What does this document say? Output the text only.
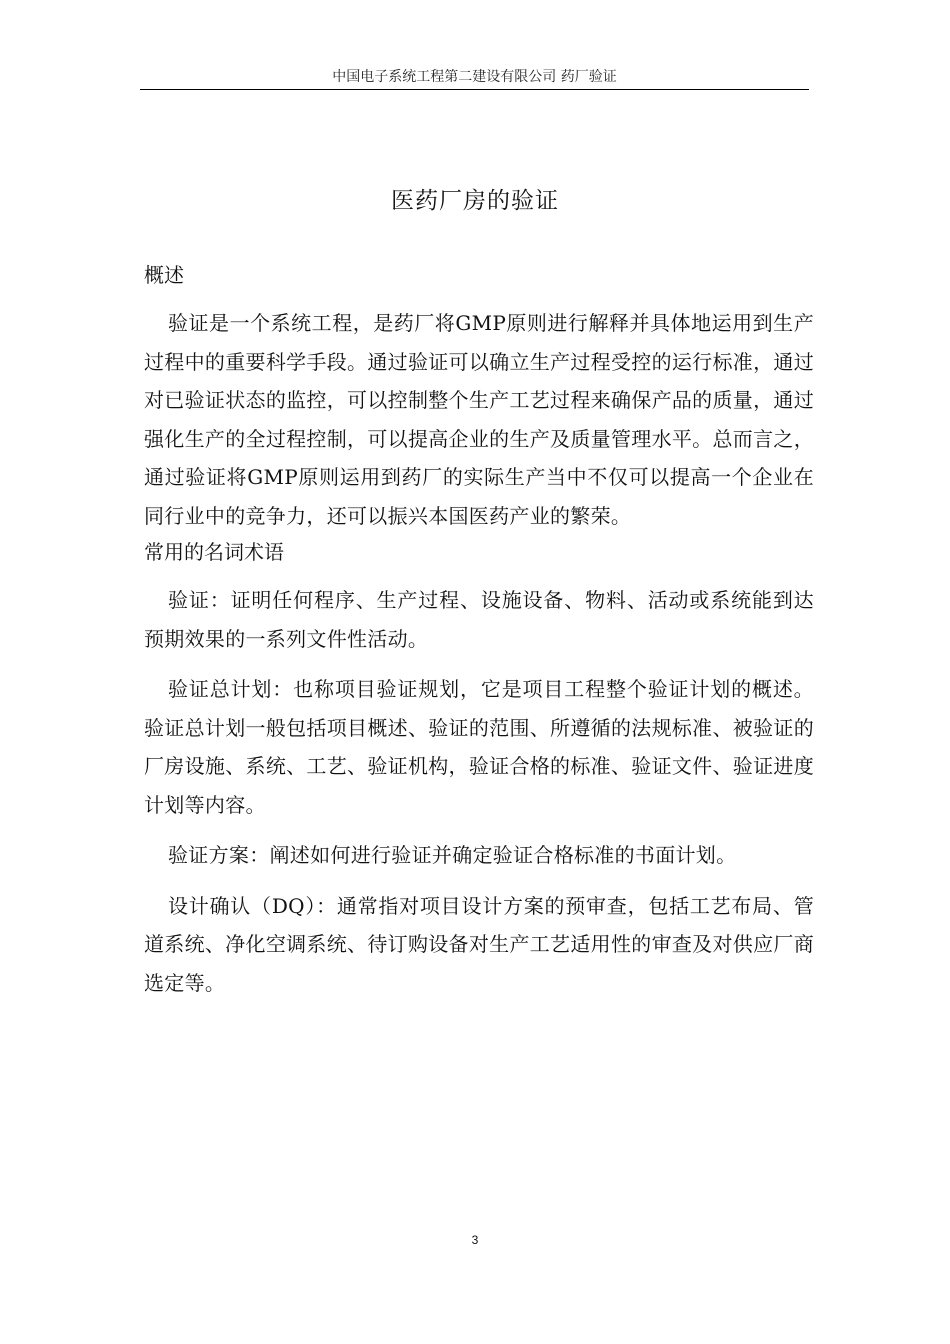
中国电子系统工程第二建设有限公司 药厂验证
医药厂房的验证
概述

验证是一个系统工程，是药厂将GMP原则进行解释并具体地运用到生产过程中的重要科学手段。通过验证可以确立生产过程受控的运行标准，通过对已验证状态的监控，可以控制整个生产工艺过程来确保产品的质量，通过强化生产的全过程控制，可以提高企业的生产及质量管理水平。总而言之，通过验证将GMP原则运用到药厂的实际生产当中不仅可以提高一个企业在同行业中的竞争力，还可以振兴本国医药产业的繁荣。

常用的名词术语

验证：证明任何程序、生产过程、设施设备、物料、活动或系统能到达预期效果的一系列文件性活动。

验证总计划：也称项目验证规划，它是项目工程整个验证计划的概述。验证总计划一般包括项目概述、验证的范围、所遵循的法规标准、被验证的厂房设施、系统、工艺、验证机构，验证合格的标准、验证文件、验证进度计划等内容。

验证方案：阐述如何进行验证并确定验证合格标准的书面计划。

设计确认（DQ）：通常指对项目设计方案的预审查，包括工艺布局、管道系统、净化空调系统、待订购设备对生产工艺适用性的审查及对供应厂商选定等。

3
